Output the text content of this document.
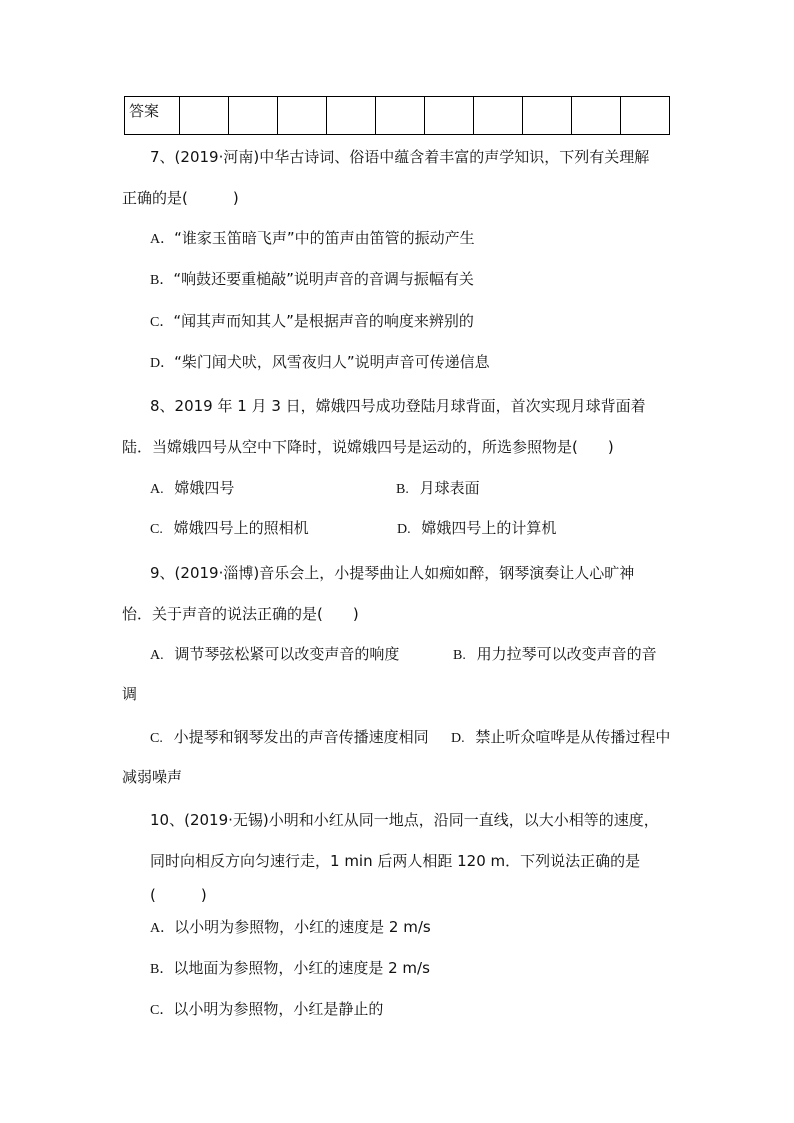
答案										
7、(2019·河南)中华古诗词、俗语中蕴含着丰富的声学知识，下列有关理解
正确的是(　　　)
A．“谁家玉笛暗飞声”中的笛声由笛管的振动产生
B．“响鼓还要重槌敲”说明声音的音调与振幅有关
C．“闻其声而知其人”是根据声音的响度来辨别的
D．“柴门闻犬吠，风雪夜归人”说明声音可传递信息
8、2019 年 1 月 3 日，嫦娥四号成功登陆月球背面，首次实现月球背面着
陆．当嫦娥四号从空中下降时，说嫦娥四号是运动的，所选参照物是(　　)
A. 嫦娥四号	B. 月球表面
C. 嫦娥四号上的照相机	D. 嫦娥四号上的计算机
9、(2019·淄博)音乐会上，小提琴曲让人如痴如醉，钢琴演奏让人心旷神
怡．关于声音的说法正确的是(　　)
A. 调节琴弦松紧可以改变声音的响度	B. 用力拉琴可以改变声音的音
调
C. 小提琴和钢琴发出的声音传播速度相同 D. 禁止听众喧哗是从传播过程中
减弱噪声
10、(2019·无锡)小明和小红从同一地点，沿同一直线，以大小相等的速度，
同时向相反方向匀速行走，1 min 后两人相距 120 m．下列说法正确的是
(　　　)
A．以小明为参照物，小红的速度是 2 m/s
B．以地面为参照物，小红的速度是 2 m/s
C．以小明为参照物，小红是静止的
